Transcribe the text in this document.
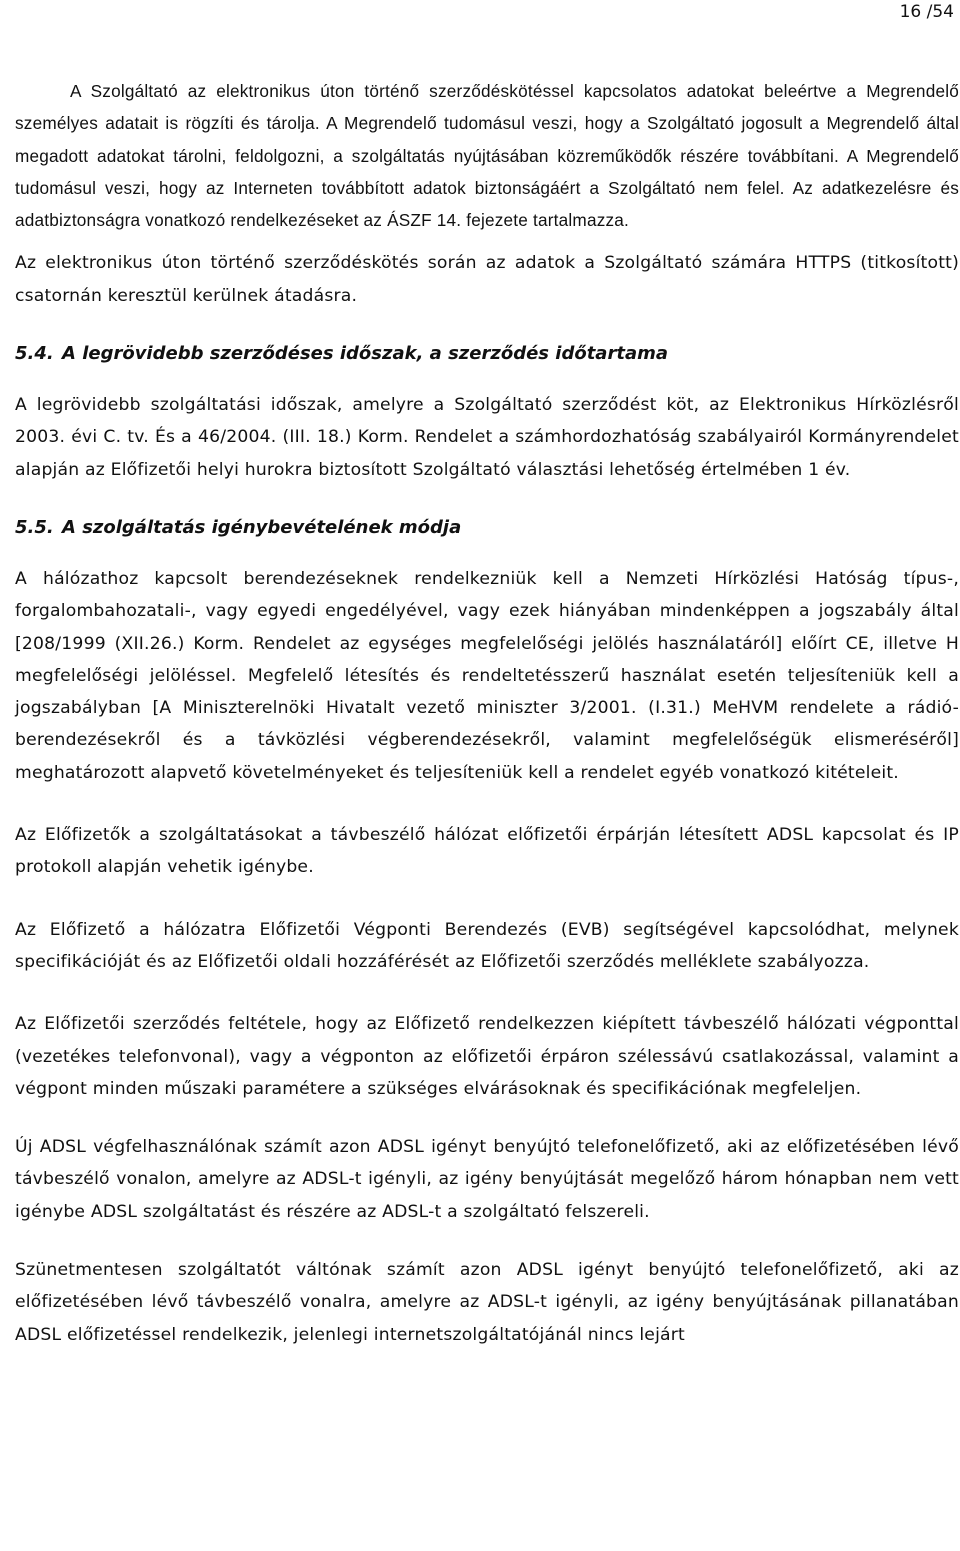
16 /54

A Szolgáltató az elektronikus úton történő szerződéskötéssel kapcsolatos adatokat beleértve a Megrendelő személyes adatait is rögzíti és tárolja. A Megrendelő tudomásul veszi, hogy a Szolgáltató jogosult a Megrendelő által megadott adatokat tárolni, feldolgozni, a szolgáltatás nyújtásában közreműködők részére továbbítani. A Megrendelő tudomásul veszi, hogy az Interneten továbbított adatok biztonságáért a Szolgáltató nem felel. Az adatkezelésre és adatbiztonságra vonatkozó rendelkezéseket az ÁSZF 14. fejezete tartalmazza.

Az elektronikus úton történő szerződéskötés során az adatok a Szolgáltató számára HTTPS (titkosított) csatornán keresztül kerülnek átadásra.

5.4. A legrövidebb szerződéses időszak, a szerződés időtartama

A legrövidebb szolgáltatási időszak, amelyre a Szolgáltató szerződést köt, az Elektronikus Hírközlésről 2003. évi C. tv. És a 46/2004. (III. 18.) Korm. Rendelet a számhordozhatóság szabályairól Kormányrendelet alapján az Előfizetői helyi hurokra biztosított Szolgáltató választási lehetőség értelmében 1 év.

5.5. A szolgáltatás igénybevételének módja

A hálózathoz kapcsolt berendezéseknek rendelkezniük kell a Nemzeti Hírközlési Hatóság típus-, forgalombahozatali-, vagy egyedi engedélyével, vagy ezek hiányában mindenképpen a jogszabály által [208/1999 (XII.26.) Korm. Rendelet az egységes megfelelőségi jelölés használatáról] előírt CE, illetve H megfelelőségi jelöléssel. Megfelelő létesítés és rendeltetésszerű használat esetén teljesíteniük kell a jogszabályban [A Miniszterelnöki Hivatalt vezető miniszter 3/2001. (I.31.) MeHVM rendelete a rádió-berendezésekről és a távközlési végberendezésekről, valamint megfelelőségük elismeréséről] meghatározott alapvető követelményeket és teljesíteniük kell a rendelet egyéb vonatkozó kitételeit.

Az Előfizetők a szolgáltatásokat a távbeszélő hálózat előfizetői érpárján létesített ADSL kapcsolat és IP protokoll alapján vehetik igénybe.

Az Előfizető a hálózatra Előfizetői Végponti Berendezés (EVB) segítségével kapcsolódhat, melynek specifikációját és az Előfizetői oldali hozzáférését az Előfizetői szerződés melléklete szabályozza.

Az Előfizetői szerződés feltétele, hogy az Előfizető rendelkezzen kiépített távbeszélő hálózati végponttal (vezetékes telefonvonal), vagy a végponton az előfizetői érpáron szélessávú csatlakozással, valamint a végpont minden műszaki paramétere a szükséges elvárásoknak és specifikációnak megfeleljen.

Új ADSL végfelhasználónak számít azon ADSL igényt benyújtó telefonelőfizető, aki az előfizetésében lévő távbeszélő vonalon, amelyre az ADSL-t igényli, az igény benyújtását megelőző három hónapban nem vett igénybe ADSL szolgáltatást és részére az ADSL-t a szolgáltató felszereli.

Szünetmentesen szolgáltatót váltónak számít azon ADSL igényt benyújtó telefonelőfizető, aki az előfizetésében lévő távbeszélő vonalra, amelyre az ADSL-t igényli, az igény benyújtásának pillanatában ADSL előfizetéssel rendelkezik, jelenlegi internetszolgáltatójánál nincs lejárt
